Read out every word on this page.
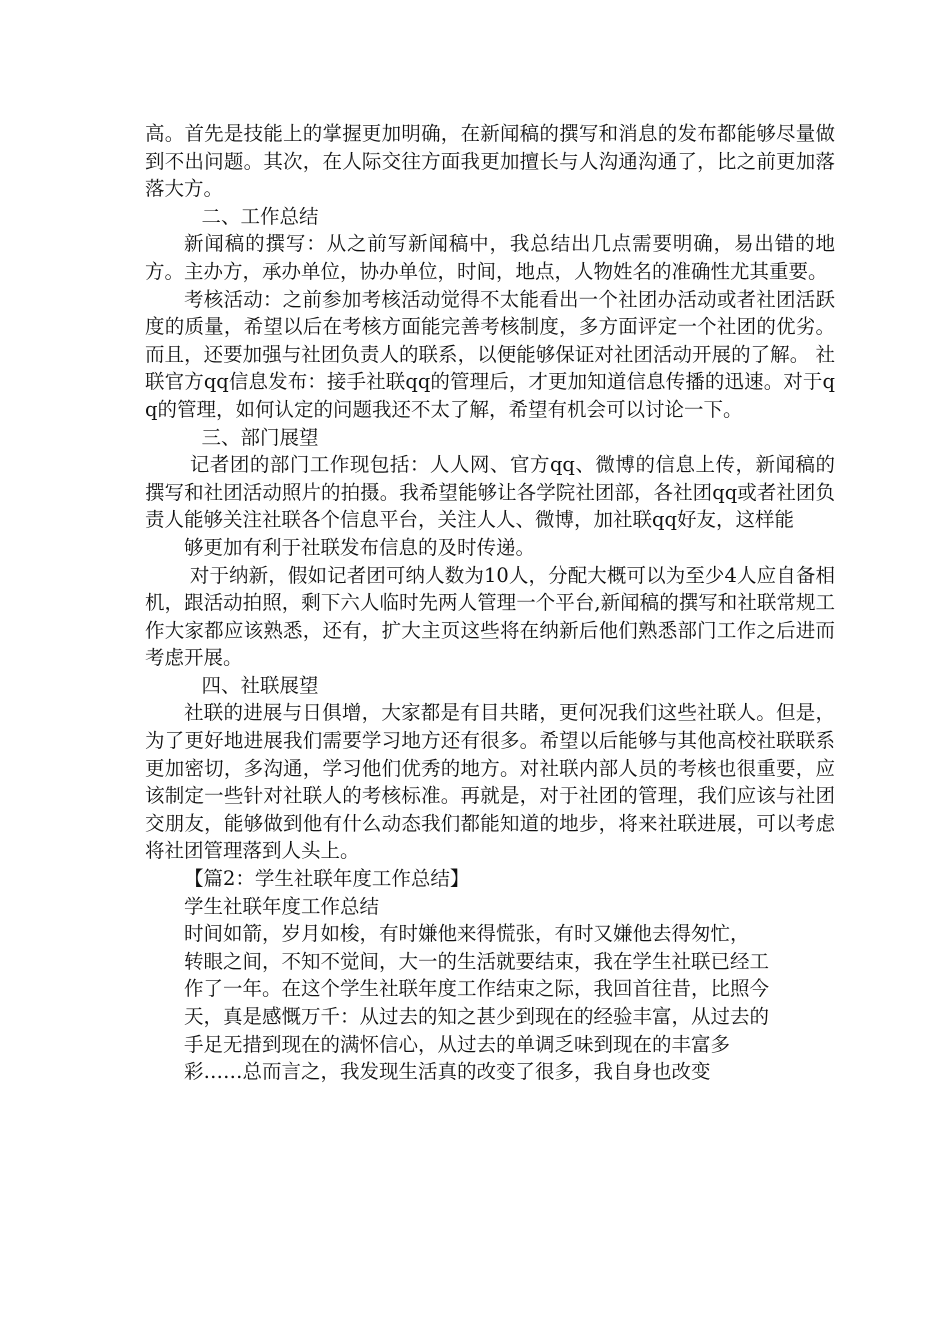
高。首先是技能上的掌握更加明确，在新闻稿的撰写和消息的发布都能够尽量做到不出问题。其次，在人际交往方面我更加擅长与人沟通沟通了，比之前更加落落大方。

二、工作总结

新闻稿的撰写：从之前写新闻稿中，我总结出几点需要明确，易出错的地方。主办方，承办单位，协办单位，时间，地点，人物姓名的准确性尤其重要。

考核活动：之前参加考核活动觉得不太能看出一个社团办活动或者社团活跃度的质量，希望以后在考核方面能完善考核制度，多方面评定一个社团的优劣。而且，还要加强与社团负责人的联系，以便能够保证对社团活动开展的了解。 社联官方qq信息发布：接手社联qq的管理后，才更加知道信息传播的迅速。对于qq的管理，如何认定的问题我还不太了解，希望有机会可以讨论一下。

三、部门展望

记者团的部门工作现包括：人人网、官方qq、微博的信息上传，新闻稿的撰写和社团活动照片的拍摄。我希望能够让各学院社团部，各社团qq或者社团负责人能够关注社联各个信息平台，关注人人、微博，加社联qq好友，这样能

够更加有利于社联发布信息的及时传递。

对于纳新，假如记者团可纳人数为10人，分配大概可以为至少4人应自备相机，跟活动拍照，剩下六人临时先两人管理一个平台,新闻稿的撰写和社联常规工作大家都应该熟悉，还有，扩大主页这些将在纳新后他们熟悉部门工作之后进而考虑开展。

四、社联展望

社联的进展与日俱增，大家都是有目共睹，更何况我们这些社联人。但是，为了更好地进展我们需要学习地方还有很多。希望以后能够与其他高校社联联系更加密切，多沟通，学习他们优秀的地方。对社联内部人员的考核也很重要，应该制定一些针对社联人的考核标准。再就是，对于社团的管理，我们应该与社团交朋友，能够做到他有什么动态我们都能知道的地步，将来社联进展，可以考虑将社团管理落到人头上。

【篇2：学生社联年度工作总结】

学生社联年度工作总结

时间如箭，岁月如梭，有时嫌他来得慌张，有时又嫌他去得匆忙，

转眼之间，不知不觉间，大一的生活就要结束，我在学生社联已经工

作了一年。在这个学生社联年度工作结束之际，我回首往昔，比照今

天，真是感慨万千：从过去的知之甚少到现在的经验丰富，从过去的

手足无措到现在的满怀信心，从过去的单调乏味到现在的丰富多

彩……总而言之，我发现生活真的改变了很多，我自身也改变
